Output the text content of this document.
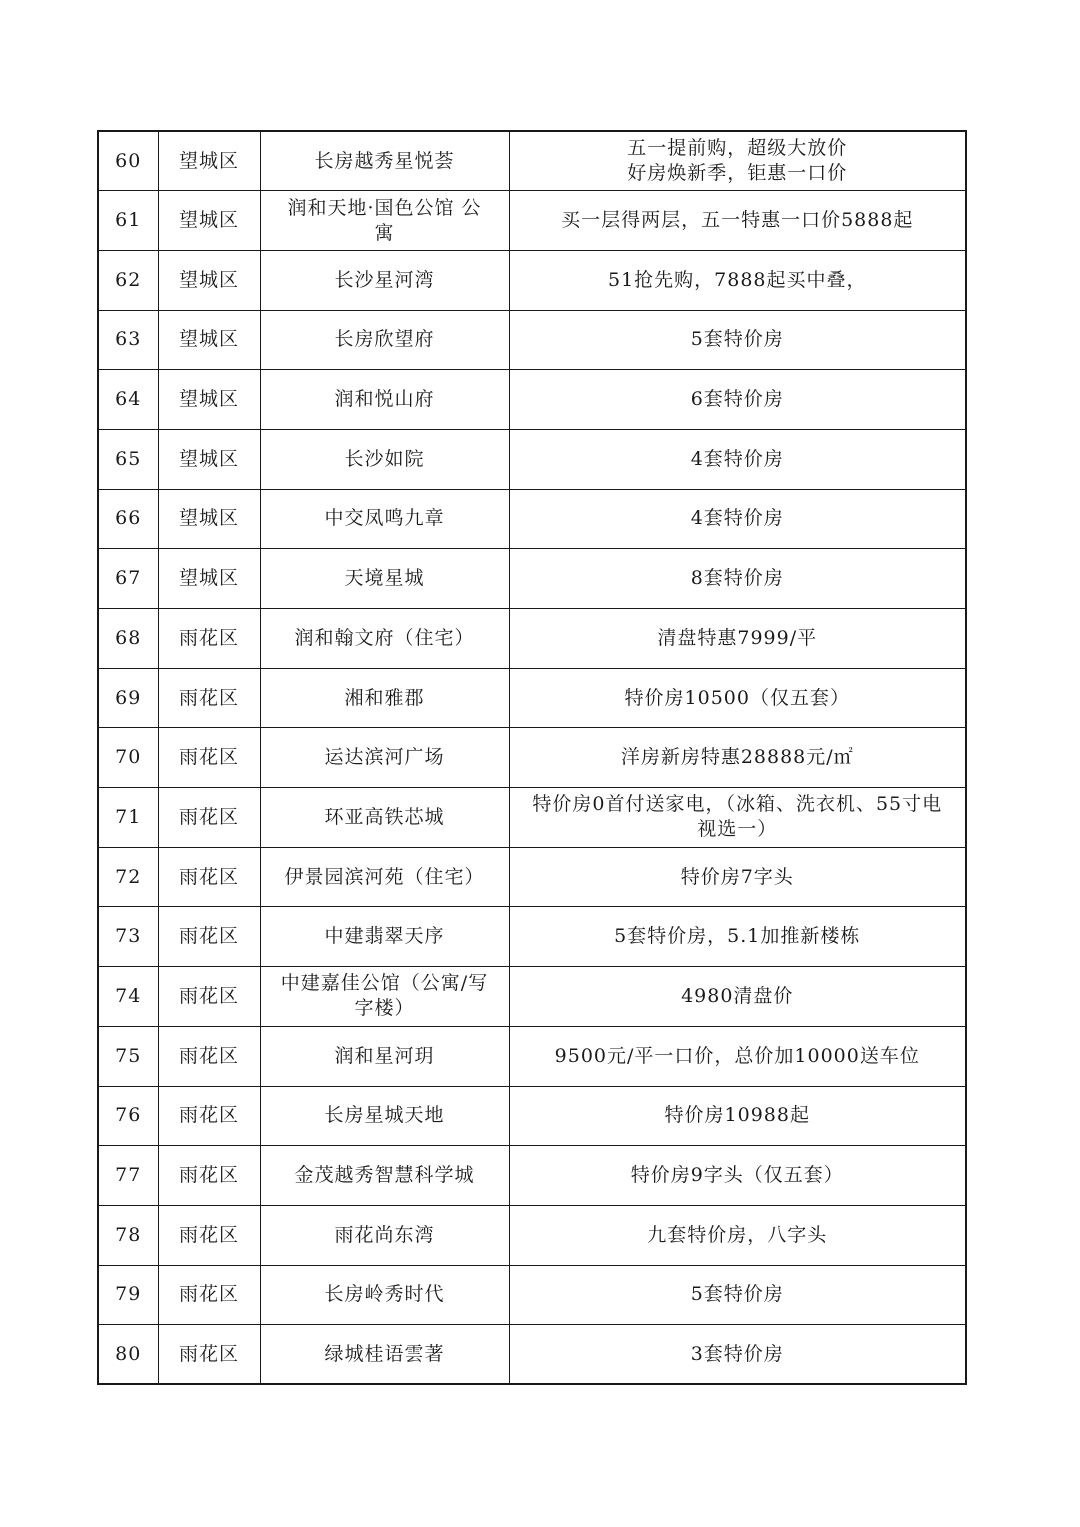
60	望城区	长房越秀星悦荟	五一提前购，超级大放价
好房焕新季，钜惠一口价

61	望城区	润和天地·国色公馆 公
寓	买一层得两层，五一特惠一口价5888起

62	望城区	长沙星河湾	51抢先购，7888起买中叠，

63	望城区	长房欣望府	5套特价房

64	望城区	润和悦山府	6套特价房

65	望城区	长沙如院	4套特价房

66	望城区	中交凤鸣九章	4套特价房

67	望城区	天境星城	8套特价房

68	雨花区	润和翰文府（住宅）	清盘特惠7999/平

69	雨花区	湘和雅郡	特价房10500（仅五套）

70	雨花区	运达滨河广场	洋房新房特惠28888元/㎡

71	雨花区	环亚高铁芯城	特价房0首付送家电，（冰箱、洗衣机、55寸电
视选一）

72	雨花区	伊景园滨河苑（住宅）	特价房7字头

73	雨花区	中建翡翠天序	5套特价房，5.1加推新楼栋

74	雨花区	中建嘉佳公馆（公寓/写
字楼）	4980清盘价

75	雨花区	润和星河玥	9500元/平一口价，总价加10000送车位

76	雨花区	长房星城天地	特价房10988起

77	雨花区	金茂越秀智慧科学城	特价房9字头（仅五套）

78	雨花区	雨花尚东湾	九套特价房，八字头

79	雨花区	长房岭秀时代	5套特价房

80	雨花区	绿城桂语雲著	3套特价房
